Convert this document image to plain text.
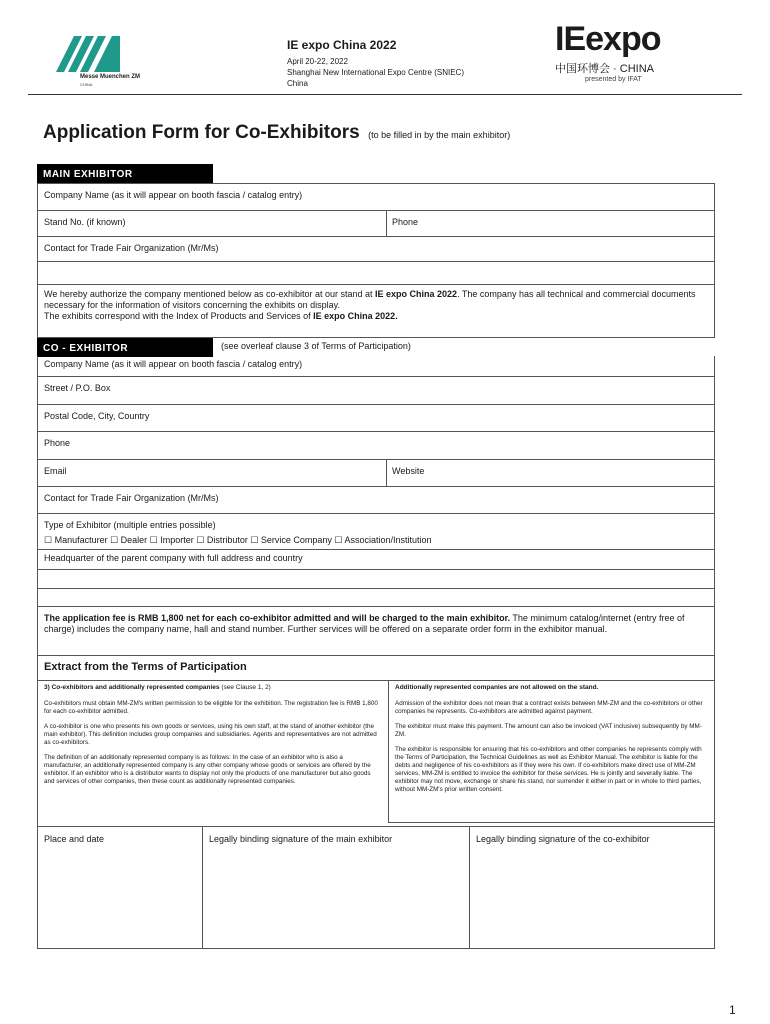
Messe Muenchen ZM
CHINA
IE expo China 2022
April 20-22, 2022
Shanghai New International Expo Centre (SNIEC)
China
IEexpo
中国环博会 · CHINA
presented by IFAT
Application Form for Co-Exhibitors (to be filled in by the main exhibitor)
MAIN EXHIBITOR
Company Name (as it will appear on booth fascia / catalog entry)
Stand No. (if known)	Phone
Contact for Trade Fair Organization (Mr/Ms)
We hereby authorize the company mentioned below as co-exhibitor at our stand at IE expo China 2022. The company has all technical and commercial documents necessary for the information of visitors concerning the exhibits on display.
The exhibits correspond with the Index of Products and Services of IE expo China 2022.
CO - EXHIBITOR	(see overleaf clause 3 of Terms of Participation)
Company Name (as it will appear on booth fascia / catalog entry)
Street / P.O. Box
Postal Code, City, Country
Phone
Email	Website
Contact for Trade Fair Organization (Mr/Ms)
Type of Exhibitor (multiple entries possible)
☐ Manufacturer ☐ Dealer ☐ Importer ☐ Distributor ☐ Service Company ☐ Association/Institution
Headquarter of the parent company with full address and country
The application fee is RMB 1,800 net for each co-exhibitor admitted and will be charged to the main exhibitor. The minimum catalog/internet (entry free of charge) includes the company name, hall and stand number. Further services will be offered on a separate order form in the exhibitor manual.
Extract from the Terms of Participation
3) Co-exhibitors and additionally represented companies (see Clause 1, 2)

Co-exhibitors must obtain MM-ZM's written permission to be eligible for the exhibition. The registration fee is RMB 1,800 for each co-exhibitor admitted.

A co-exhibitor is one who presents his own goods or services, using his own staff, at the stand of another exhibitor (the main exhibitor). This definition includes group companies and subsidiaries. Agents and representatives are not admitted as co-exhibitors.

The definition of an additionally represented company is as follows: In the case of an exhibitor who is also a manufacturer, an additionally represented company is any other company whose goods or services are offered by the exhibitor. If an exhibitor who is a distributor wants to display not only the products of one manufacturer but also goods and services of other companies, then these count as additionally represented companies.

Additionally represented companies are not allowed on the stand.

Admission of the exhibitor does not mean that a contract exists between MM-ZM and the co-exhibitors or other companies he represents. Co-exhibitors are admitted against payment.

The exhibitor must make this payment. The amount can also be invoiced (VAT inclusive) subsequently by MM-ZM.

The exhibitor is responsible for ensuring that his co-exhibitors and other companies he represents comply with the Terms of Participation, the Technical Guidelines as well as Exhibitor Manual. The exhibitor is liable for the debts and negligence of his co-exhibitors as if they were his own. If co-exhibitors make direct use of MM-ZM services, MM-ZM is entitled to invoice the exhibitor for these services. He is jointly and severally liable. The exhibitor may not move, exchange or share his stand, nor surrender it either in part or in whole to third parties, without MM-ZM's prior written consent.

Place and date	Legally binding signature of the main exhibitor	Legally binding signature of the co-exhibitor
1
